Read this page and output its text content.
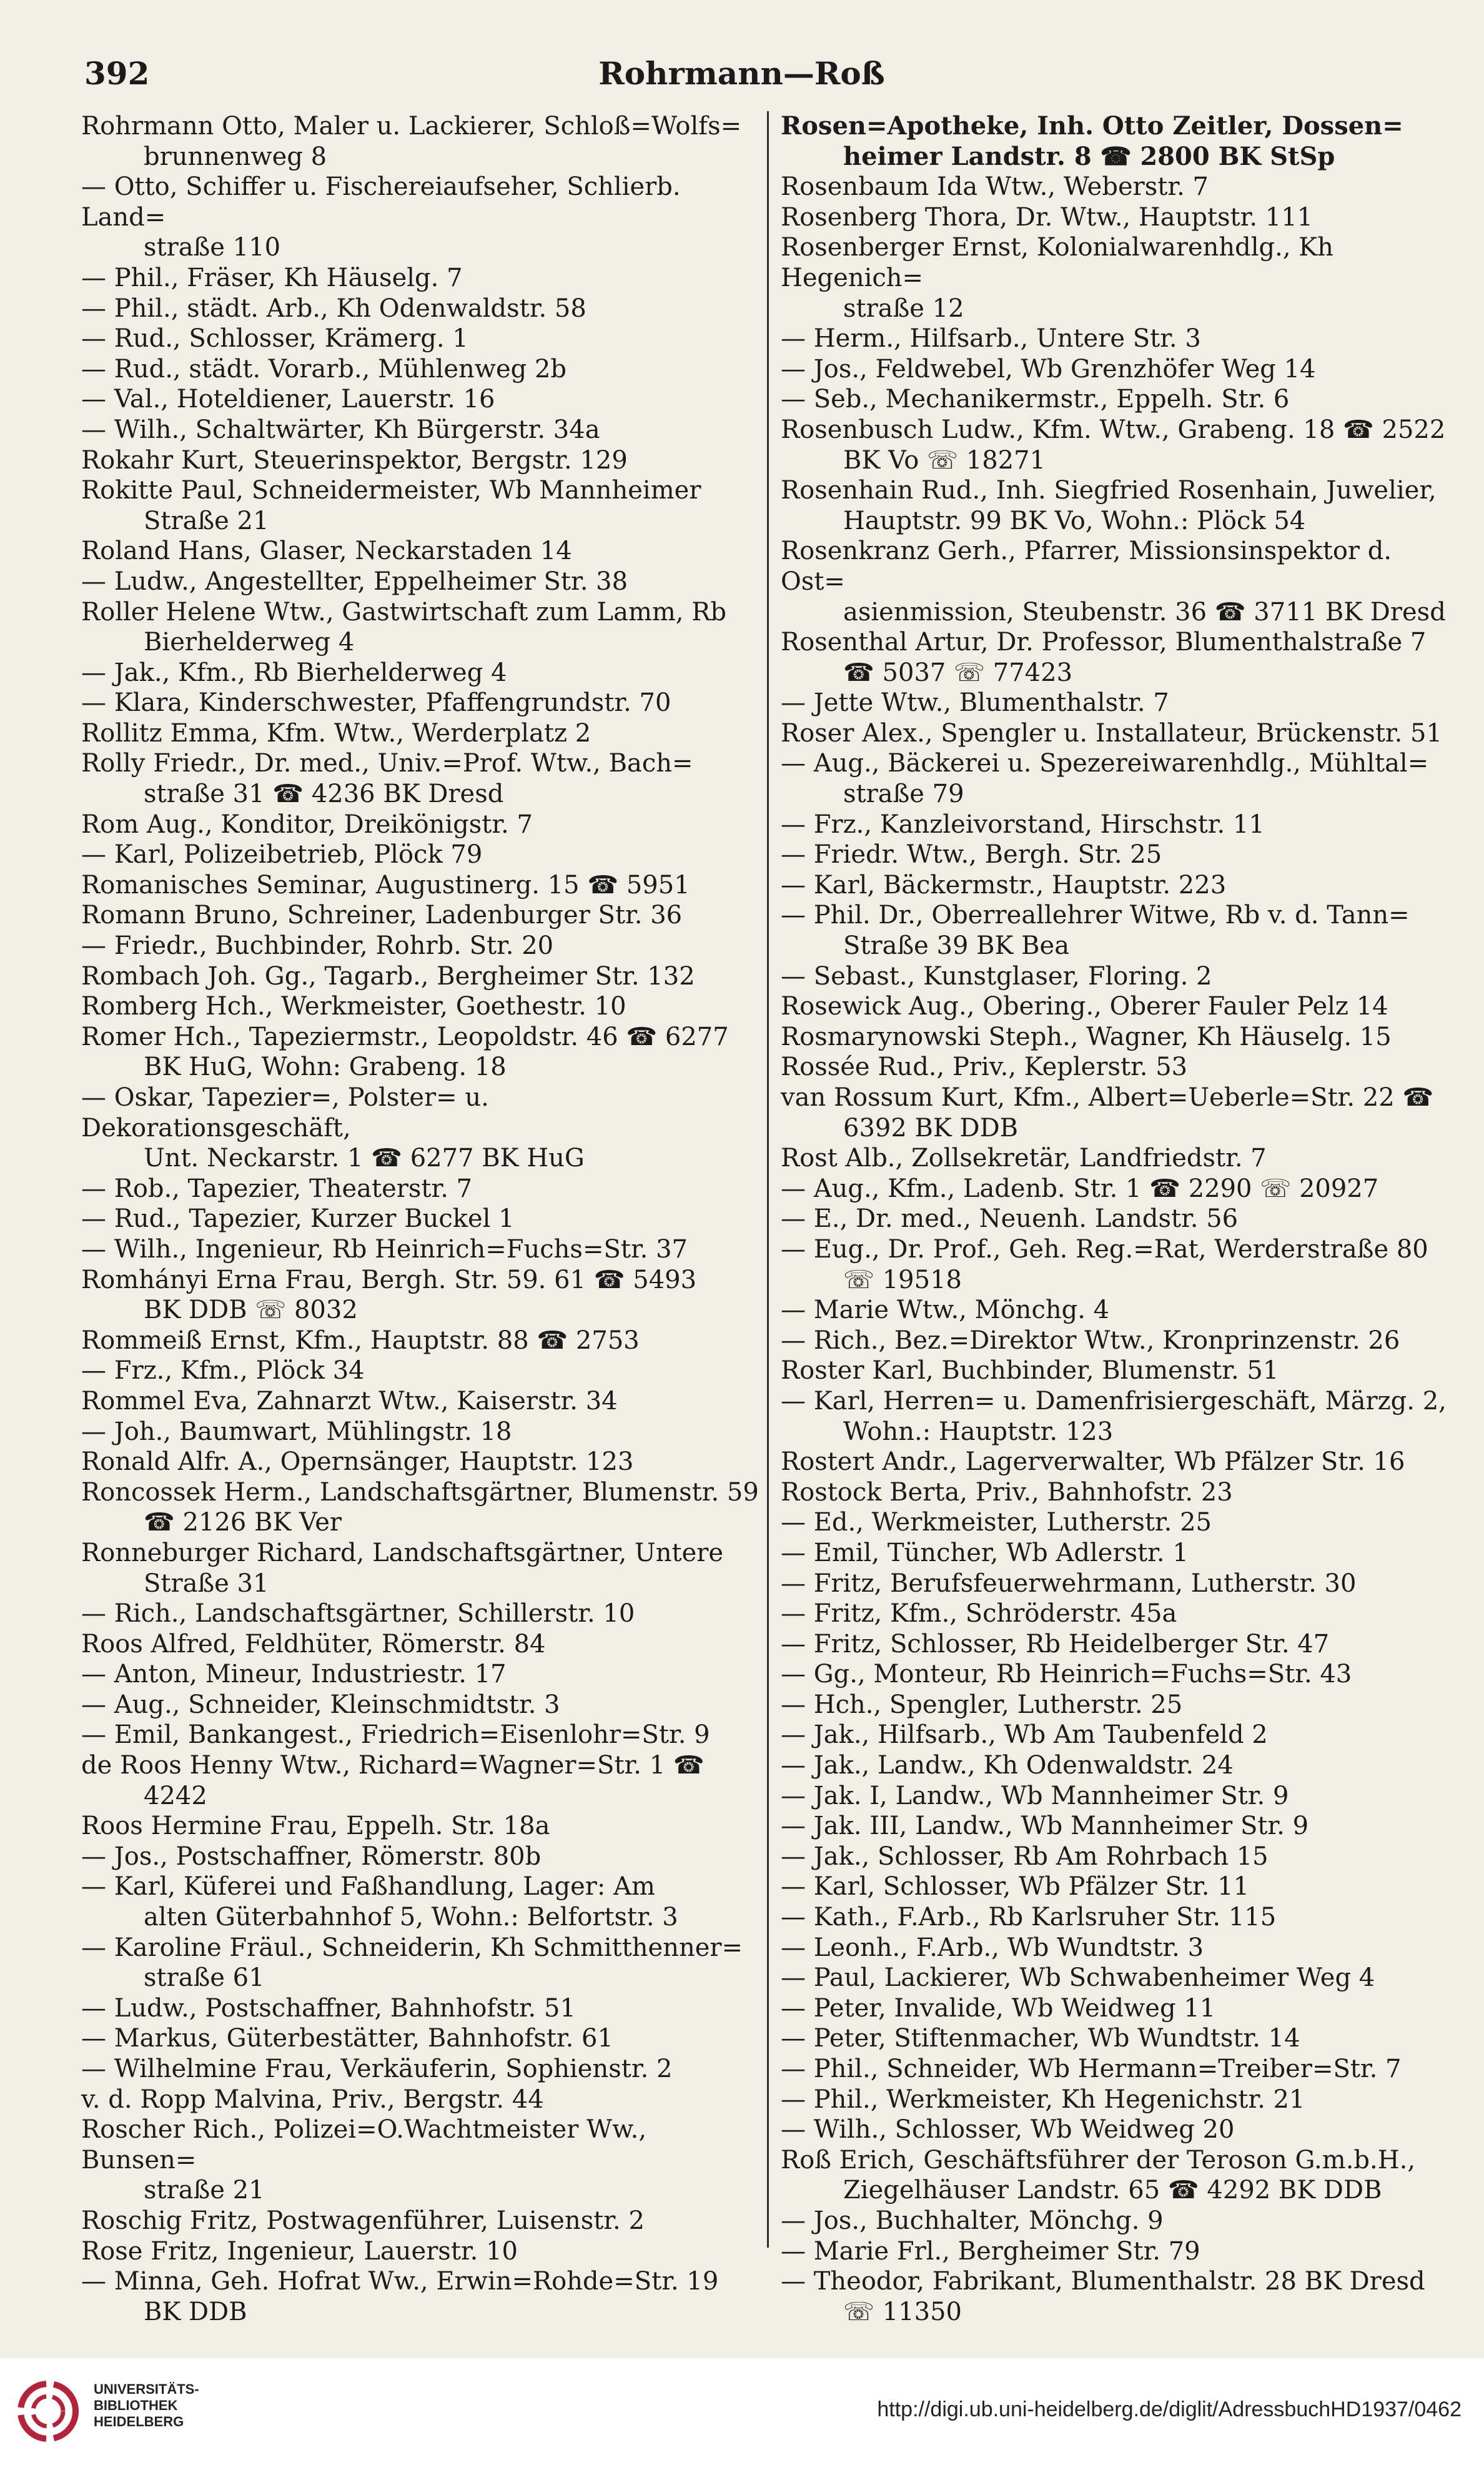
Rohrmann—Roß
392
Rohrmann Otto, Maler u. Lackierer, Schloß=Wolfs=
brunnenweg 8
— Otto, Schiffer u. Fischereiaufseher, Schlierb. Land=
straße 110
— Phil., Fräser, Kh Häuselg. 7
— Phil., städt. Arb., Kh Odenwaldstr. 58
— Rud., Schlosser, Krämerg. 1
— Rud., städt. Vorarb., Mühlenweg 2b
— Val., Hoteldiener, Lauerstr. 16
— Wilh., Schaltwärter, Kh Bürgerstr. 34a
Rokahr Kurt, Steuerinspektor, Bergstr. 129
Rokitte Paul, Schneidermeister, Wb Mannheimer
Straße 21
Roland Hans, Glaser, Neckarstaden 14
— Ludw., Angestellter, Eppelheimer Str. 38
Roller Helene Wtw., Gastwirtschaft zum Lamm, Rb
Bierhelderweg 4
— Jak., Kfm., Rb Bierhelderweg 4
— Klara, Kinderschwester, Pfaffengrundstr. 70
Rollitz Emma, Kfm. Wtw., Werderplatz 2
Rolly Friedr., Dr. med., Univ.=Prof. Wtw., Bach=
straße 31 ☎ 4236 BK Dresd
Rom Aug., Konditor, Dreikönigstr. 7
— Karl, Polizeibetrieb, Plöck 79
Romanisches Seminar, Augustinerg. 15 ☎ 5951
Romann Bruno, Schreiner, Ladenburger Str. 36
— Friedr., Buchbinder, Rohrb. Str. 20
Rombach Joh. Gg., Tagarb., Bergheimer Str. 132
Romberg Hch., Werkmeister, Goethestr. 10
Romer Hch., Tapeziermstr., Leopoldstr. 46 ☎ 6277
BK HuG, Wohn: Grabeng. 18
— Oskar, Tapezier=, Polster= u. Dekorationsgeschäft,
Unt. Neckarstr. 1 ☎ 6277 BK HuG
— Rob., Tapezier, Theaterstr. 7
— Rud., Tapezier, Kurzer Buckel 1
— Wilh., Ingenieur, Rb Heinrich=Fuchs=Str. 37
Romhányi Erna Frau, Bergh. Str. 59. 61 ☎ 5493
BK DDB ☏ 8032
Rommeiß Ernst, Kfm., Hauptstr. 88 ☎ 2753
— Frz., Kfm., Plöck 34
Rommel Eva, Zahnarzt Wtw., Kaiserstr. 34
— Joh., Baumwart, Mühlingstr. 18
Ronald Alfr. A., Opernsänger, Hauptstr. 123
Roncossek Herm., Landschaftsgärtner, Blumenstr. 59
☎ 2126 BK Ver
Ronneburger Richard, Landschaftsgärtner, Untere
Straße 31
— Rich., Landschaftsgärtner, Schillerstr. 10
Roos Alfred, Feldhüter, Römerstr. 84
— Anton, Mineur, Industriestr. 17
— Aug., Schneider, Kleinschmidtstr. 3
— Emil, Bankangest., Friedrich=Eisenlohr=Str. 9
de Roos Henny Wtw., Richard=Wagner=Str. 1 ☎
4242
Roos Hermine Frau, Eppelh. Str. 18a
— Jos., Postschaffner, Römerstr. 80b
— Karl, Küferei und Faßhandlung, Lager: Am
alten Güterbahnhof 5, Wohn.: Belfortstr. 3
— Karoline Fräul., Schneiderin, Kh Schmitthenner=
straße 61
— Ludw., Postschaffner, Bahnhofstr. 51
— Markus, Güterbestätter, Bahnhofstr. 61
— Wilhelmine Frau, Verkäuferin, Sophienstr. 2
v. d. Ropp Malvina, Priv., Bergstr. 44
Roscher Rich., Polizei=O.Wachtmeister Ww., Bunsen=
straße 21
Roschig Fritz, Postwagenführer, Luisenstr. 2
Rose Fritz, Ingenieur, Lauerstr. 10
— Minna, Geh. Hofrat Ww., Erwin=Rohde=Str. 19
BK DDB
Rosen=Apotheke, Inh. Otto Zeitler, Dossen=
heimer Landstr. 8 ☎ 2800 BK StSp
Rosenbaum Ida Wtw., Weberstr. 7
Rosenberg Thora, Dr. Wtw., Hauptstr. 111
Rosenberger Ernst, Kolonialwarenhdlg., Kh Hegenich=
straße 12
— Herm., Hilfsarb., Untere Str. 3
— Jos., Feldwebel, Wb Grenzhöfer Weg 14
— Seb., Mechanikermstr., Eppelh. Str. 6
Rosenbusch Ludw., Kfm. Wtw., Grabeng. 18 ☎ 2522
BK Vo ☏ 18271
Rosenhain Rud., Inh. Siegfried Rosenhain, Juwelier,
Hauptstr. 99 BK Vo, Wohn.: Plöck 54
Rosenkranz Gerh., Pfarrer, Missionsinspektor d. Ost=
asienmission, Steubenstr. 36 ☎ 3711 BK Dresd
Rosenthal Artur, Dr. Professor, Blumenthalstraße 7
☎ 5037 ☏ 77423
— Jette Wtw., Blumenthalstr. 7
Roser Alex., Spengler u. Installateur, Brückenstr. 51
— Aug., Bäckerei u. Spezereiwarenhdlg., Mühltal=
straße 79
— Frz., Kanzleivorstand, Hirschstr. 11
— Friedr. Wtw., Bergh. Str. 25
— Karl, Bäckermstr., Hauptstr. 223
— Phil. Dr., Oberreallehrer Witwe, Rb v. d. Tann=
Straße 39 BK Bea
— Sebast., Kunstglaser, Floring. 2
Rosewick Aug., Obering., Oberer Fauler Pelz 14
Rosmarynowski Steph., Wagner, Kh Häuselg. 15
Rossée Rud., Priv., Keplerstr. 53
van Rossum Kurt, Kfm., Albert=Ueberle=Str. 22 ☎
6392 BK DDB
Rost Alb., Zollsekretär, Landfriedstr. 7
— Aug., Kfm., Ladenb. Str. 1 ☎ 2290 ☏ 20927
— E., Dr. med., Neuenh. Landstr. 56
— Eug., Dr. Prof., Geh. Reg.=Rat, Werderstraße 80
☏ 19518
— Marie Wtw., Mönchg. 4
— Rich., Bez.=Direktor Wtw., Kronprinzenstr. 26
Roster Karl, Buchbinder, Blumenstr. 51
— Karl, Herren= u. Damenfrisiergeschäft, Märzg. 2,
Wohn.: Hauptstr. 123
Rostert Andr., Lagerverwalter, Wb Pfälzer Str. 16
Rostock Berta, Priv., Bahnhofstr. 23
— Ed., Werkmeister, Lutherstr. 25
— Emil, Tüncher, Wb Adlerstr. 1
— Fritz, Berufsfeuerwehrmann, Lutherstr. 30
— Fritz, Kfm., Schröderstr. 45a
— Fritz, Schlosser, Rb Heidelberger Str. 47
— Gg., Monteur, Rb Heinrich=Fuchs=Str. 43
— Hch., Spengler, Lutherstr. 25
— Jak., Hilfsarb., Wb Am Taubenfeld 2
— Jak., Landw., Kh Odenwaldstr. 24
— Jak. I, Landw., Wb Mannheimer Str. 9
— Jak. III, Landw., Wb Mannheimer Str. 9
— Jak., Schlosser, Rb Am Rohrbach 15
— Karl, Schlosser, Wb Pfälzer Str. 11
— Kath., F.Arb., Rb Karlsruher Str. 115
— Leonh., F.Arb., Wb Wundtstr. 3
— Paul, Lackierer, Wb Schwabenheimer Weg 4
— Peter, Invalide, Wb Weidweg 11
— Peter, Stiftenmacher, Wb Wundtstr. 14
— Phil., Schneider, Wb Hermann=Treiber=Str. 7
— Phil., Werkmeister, Kh Hegenichstr. 21
— Wilh., Schlosser, Wb Weidweg 20
Roß Erich, Geschäftsführer der Teroson G.m.b.H.,
Ziegelhäuser Landstr. 65 ☎ 4292 BK DDB
— Jos., Buchhalter, Mönchg. 9
— Marie Frl., Bergheimer Str. 79
— Theodor, Fabrikant, Blumenthalstr. 28 BK Dresd
☏ 11350
UNIVERSITÄTS-
BIBLIOTHEK
HEIDELBERG
http://digi.ub.uni-heidelberg.de/diglit/AdressbuchHD1937/0462
